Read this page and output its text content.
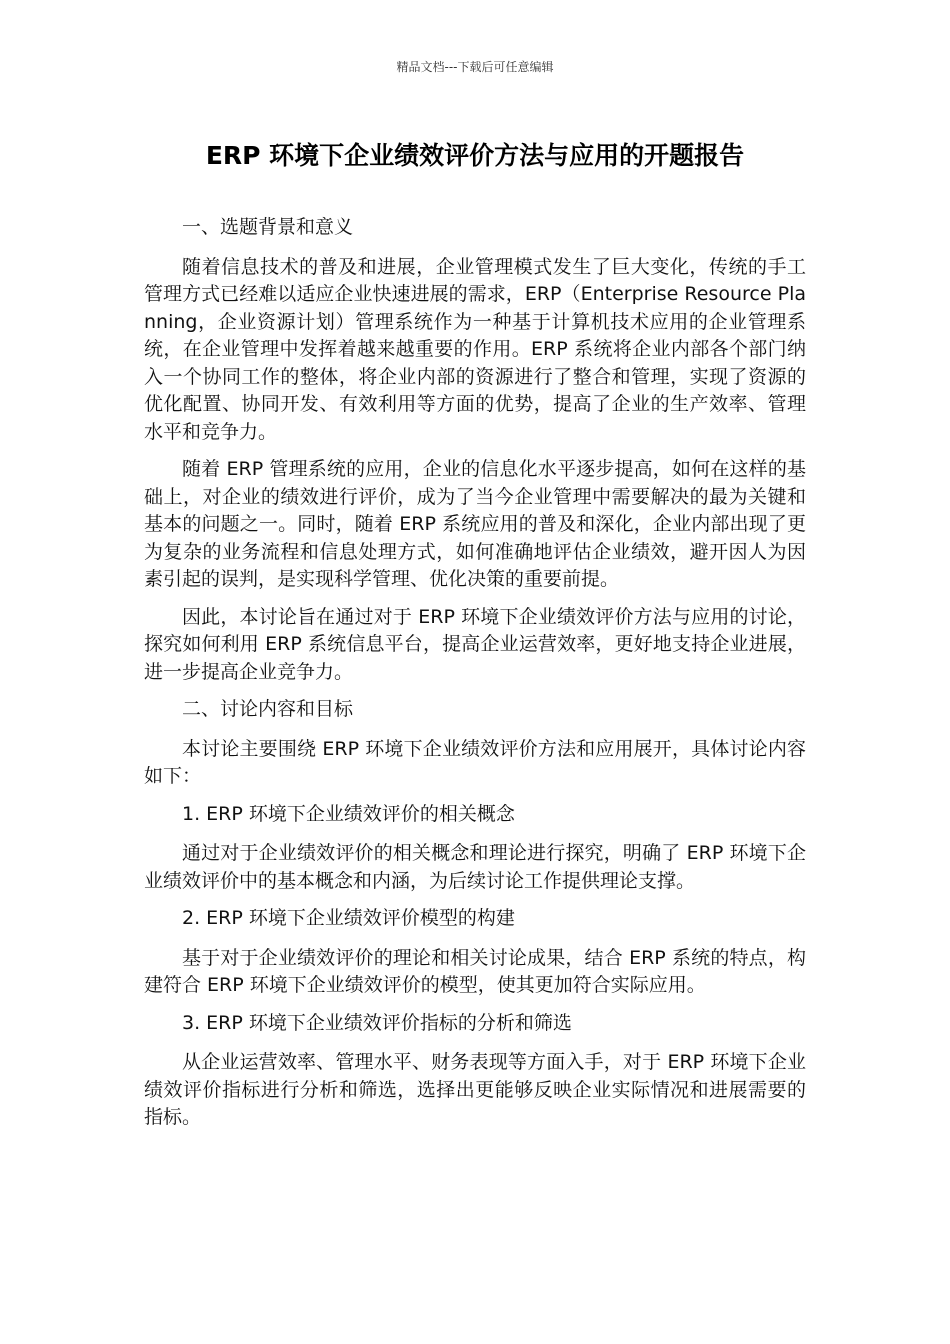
精品文档---下载后可任意编辑
ERP 环境下企业绩效评价方法与应用的开题报告

一、选题背景和意义

随着信息技术的普及和进展，企业管理模式发生了巨大变化，传统的手工管理方式已经难以适应企业快速进展的需求，ERP（Enterprise Resource Planning，企业资源计划）管理系统作为一种基于计算机技术应用的企业管理系统，在企业管理中发挥着越来越重要的作用。ERP 系统将企业内部各个部门纳入一个协同工作的整体，将企业内部的资源进行了整合和管理，实现了资源的优化配置、协同开发、有效利用等方面的优势，提高了企业的生产效率、管理水平和竞争力。

随着 ERP 管理系统的应用，企业的信息化水平逐步提高，如何在这样的基础上，对企业的绩效进行评价，成为了当今企业管理中需要解决的最为关键和基本的问题之一。同时，随着 ERP 系统应用的普及和深化，企业内部出现了更为复杂的业务流程和信息处理方式，如何准确地评估企业绩效，避开因人为因素引起的误判，是实现科学管理、优化决策的重要前提。

因此，本讨论旨在通过对于 ERP 环境下企业绩效评价方法与应用的讨论，探究如何利用 ERP 系统信息平台，提高企业运营效率，更好地支持企业进展，进一步提高企业竞争力。

二、讨论内容和目标

本讨论主要围绕 ERP 环境下企业绩效评价方法和应用展开，具体讨论内容如下：

1. ERP 环境下企业绩效评价的相关概念

通过对于企业绩效评价的相关概念和理论进行探究，明确了 ERP 环境下企业绩效评价中的基本概念和内涵，为后续讨论工作提供理论支撑。

2. ERP 环境下企业绩效评价模型的构建

基于对于企业绩效评价的理论和相关讨论成果，结合 ERP 系统的特点，构建符合 ERP 环境下企业绩效评价的模型，使其更加符合实际应用。

3. ERP 环境下企业绩效评价指标的分析和筛选

从企业运营效率、管理水平、财务表现等方面入手，对于 ERP 环境下企业绩效评价指标进行分析和筛选，选择出更能够反映企业实际情况和进展需要的指标。
